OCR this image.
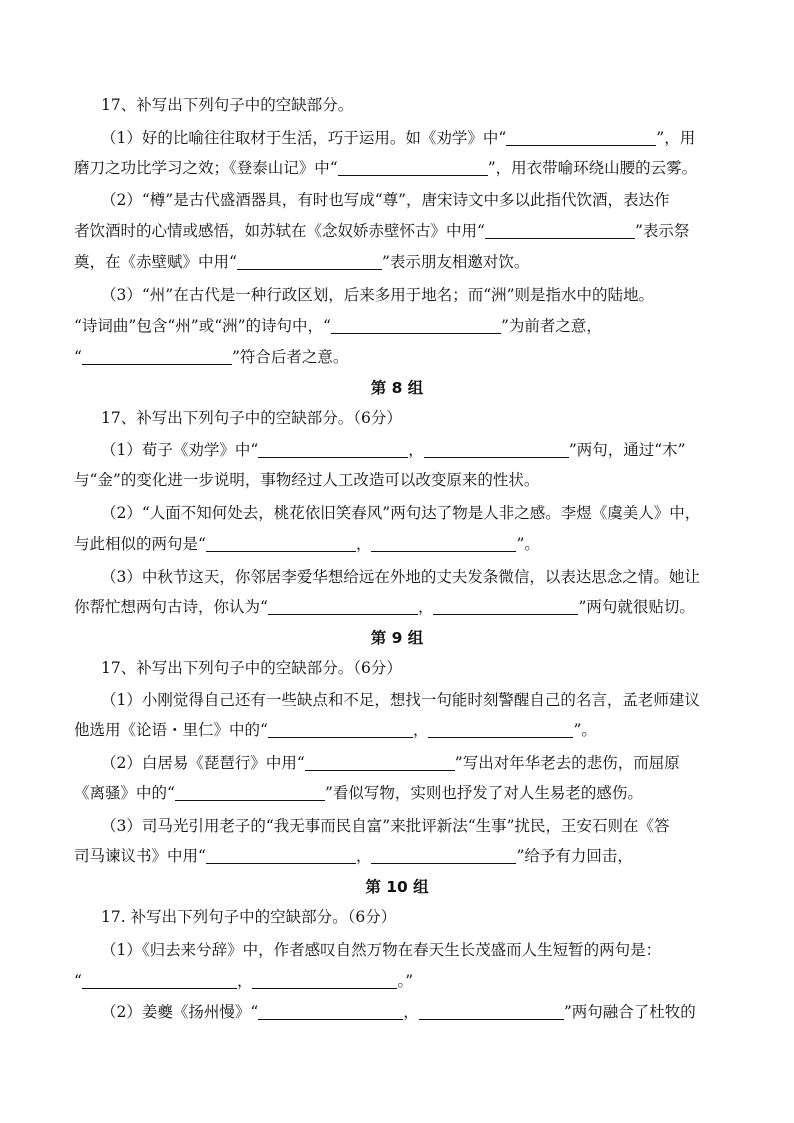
17、补写出下列句子中的空缺部分。
（1）好的比喻往往取材于生活，巧于运用。如《劝学》中“	”，用
磨刀之功比学习之效；《登泰山记》中“	”，用衣带喻环绕山腰的云雾。
（2）“樽”是古代盛酒器具，有时也写成“尊”，唐宋诗文中多以此指代饮酒，表达作
者饮酒时的心情或感悟，如苏轼在《念奴娇赤壁怀古》中用“	”表示祭
奠，在《赤壁赋》中用“	”表示朋友相邀对饮。
（3）“州”在古代是一种行政区划，后来多用于地名；而“洲”则是指水中的陆地。
“诗词曲”包含“州”或“洲”的诗句中，“	”为前者之意，
“	”符合后者之意。
第 8 组
17、补写出下列句子中的空缺部分。（6分）
（1）荀子《劝学》中“	，	”两句，通过“木”
与“金”的变化进一步说明，事物经过人工改造可以改变原来的性状。
（2）“人面不知何处去，桃花依旧笑春风”两句达了物是人非之感。李煜《虞美人》中，
与此相似的两句是“	，	”。
（3）中秋节这天，你邻居李爱华想给远在外地的丈夫发条微信，以表达思念之情。她让
你帮忙想两句古诗，你认为“	，	”两句就很贴切。
第 9 组
17、补写出下列句子中的空缺部分。（6分）
（1）小刚觉得自己还有一些缺点和不足，想找一句能时刻警醒自己的名言，孟老师建议
他选用《论语・里仁》中的“	，	”。
（2）白居易《琵琶行》中用“	”写出对年华老去的悲伤，而屈原
《离骚》中的“	”看似写物，实则也抒发了对人生易老的感伤。
（3）司马光引用老子的“我无事而民自富”来批评新法“生事”扰民，王安石则在《答
司马谏议书》中用“	，	”给予有力回击，
第 10 组
17. 补写出下列句子中的空缺部分。（6分）
（1）《归去来兮辞》中，作者感叹自然万物在春天生长茂盛而人生短暂的两句是：
“	，	。”
（2）姜夔《扬州慢》“	，	”两句融合了杜牧的
